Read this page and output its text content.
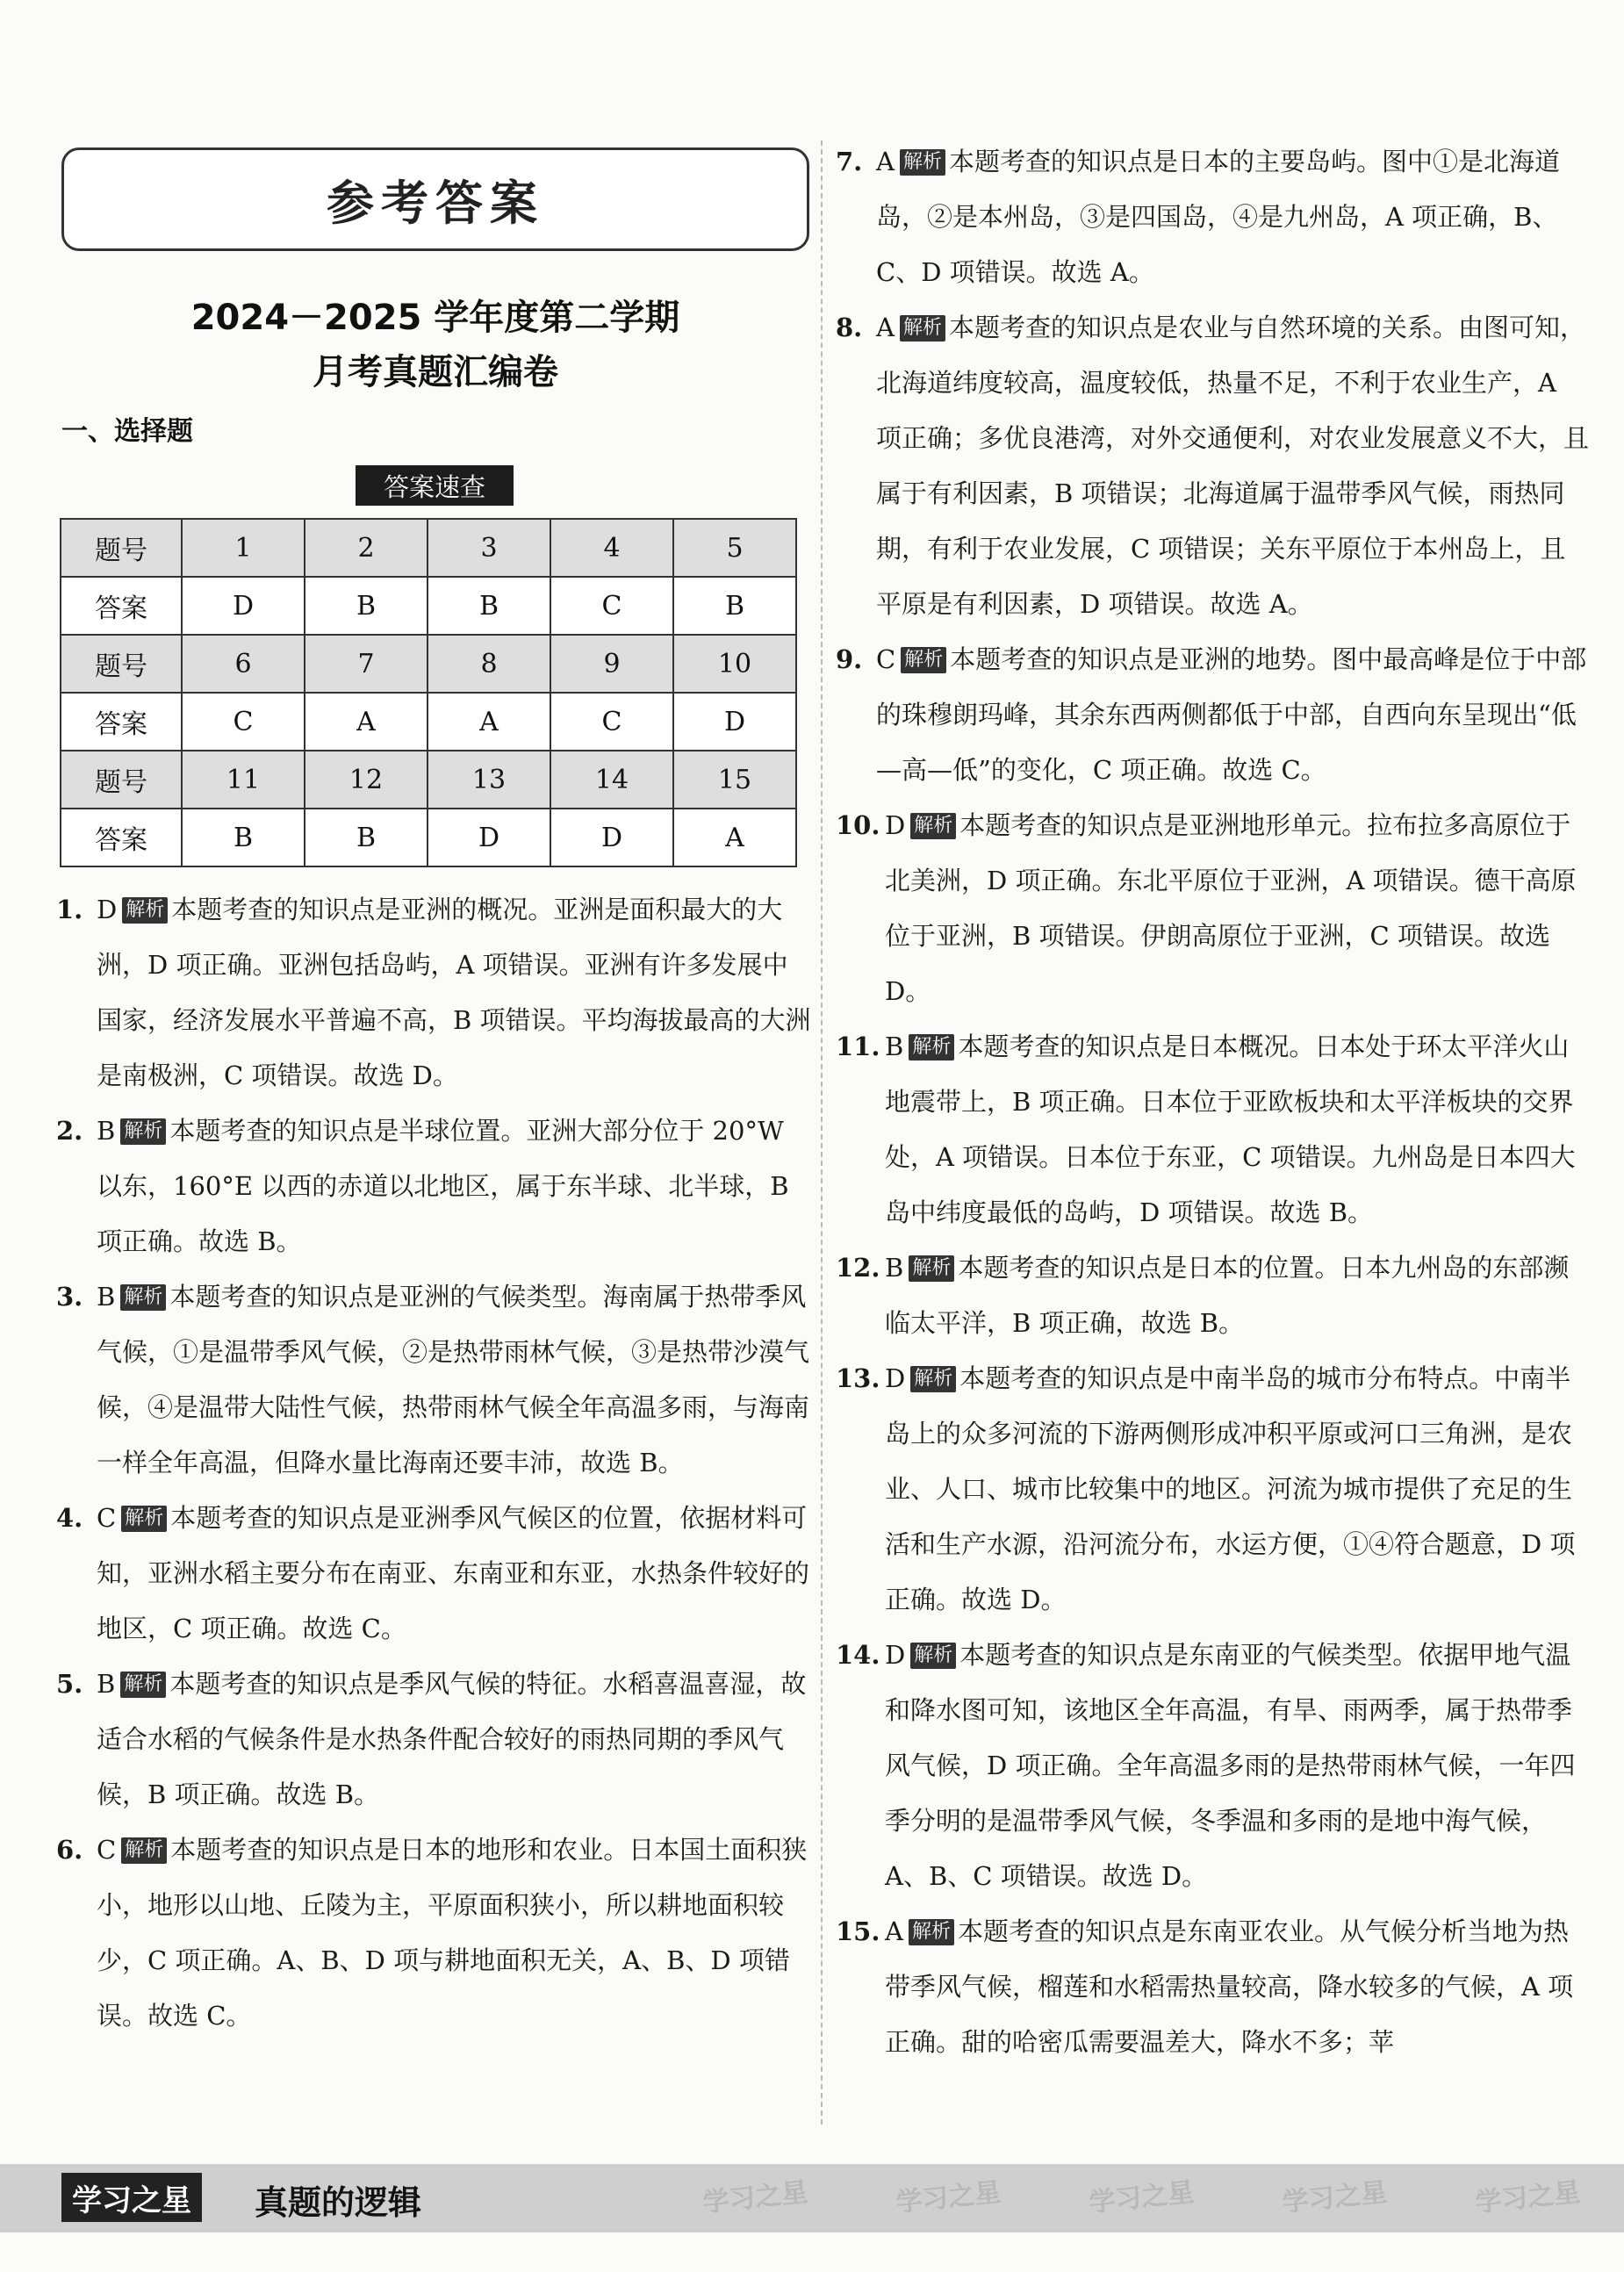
参考答案
2024－2025 学年度第二学期
月考真题汇编卷
一、选择题
答案速查
题号	1	2	3	4	5
答案	D	B	B	C	B
题号	6	7	8	9	10
答案	C	A	A	C	D
题号	11	12	13	14	15
答案	B	B	D	D	A
1. D 解析 本题考查的知识点是亚洲的概况。亚洲是面积最大的大洲，D 项正确。亚洲包括岛屿，A 项错误。亚洲有许多发展中国家，经济发展水平普遍不高，B 项错误。平均海拔最高的大洲是南极洲，C 项错误。故选 D。
2. B 解析 本题考查的知识点是半球位置。亚洲大部分位于 20°W 以东，160°E 以西的赤道以北地区，属于东半球、北半球，B 项正确。故选 B。
3. B 解析 本题考查的知识点是亚洲的气候类型。海南属于热带季风气候，①是温带季风气候，②是热带雨林气候，③是热带沙漠气候，④是温带大陆性气候，热带雨林气候全年高温多雨，与海南一样全年高温，但降水量比海南还要丰沛，故选 B。
4. C 解析 本题考查的知识点是亚洲季风气候区的位置，依据材料可知，亚洲水稻主要分布在南亚、东南亚和东亚，水热条件较好的地区，C 项正确。故选 C。
5. B 解析 本题考查的知识点是季风气候的特征。水稻喜温喜湿，故适合水稻的气候条件是水热条件配合较好的雨热同期的季风气候，B 项正确。故选 B。
6. C 解析 本题考查的知识点是日本的地形和农业。日本国土面积狭小，地形以山地、丘陵为主，平原面积狭小，所以耕地面积较少，C 项正确。A、B、D 项与耕地面积无关，A、B、D 项错误。故选 C。
7. A 解析 本题考查的知识点是日本的主要岛屿。图中①是北海道岛，②是本州岛，③是四国岛，④是九州岛，A 项正确，B、C、D 项错误。故选 A。
8. A 解析 本题考查的知识点是农业与自然环境的关系。由图可知，北海道纬度较高，温度较低，热量不足，不利于农业生产，A 项正确；多优良港湾，对外交通便利，对农业发展意义不大，且属于有利因素，B 项错误；北海道属于温带季风气候，雨热同期，有利于农业发展，C 项错误；关东平原位于本州岛上，且平原是有利因素，D 项错误。故选 A。
9. C 解析 本题考查的知识点是亚洲的地势。图中最高峰是位于中部的珠穆朗玛峰，其余东西两侧都低于中部，自西向东呈现出“低—高—低”的变化，C 项正确。故选 C。
10. D 解析 本题考查的知识点是亚洲地形单元。拉布拉多高原位于北美洲，D 项正确。东北平原位于亚洲，A 项错误。德干高原位于亚洲，B 项错误。伊朗高原位于亚洲，C 项错误。故选 D。
11. B 解析 本题考查的知识点是日本概况。日本处于环太平洋火山地震带上，B 项正确。日本位于亚欧板块和太平洋板块的交界处，A 项错误。日本位于东亚，C 项错误。九州岛是日本四大岛中纬度最低的岛屿，D 项错误。故选 B。
12. B 解析 本题考查的知识点是日本的位置。日本九州岛的东部濒临太平洋，B 项正确，故选 B。
13. D 解析 本题考查的知识点是中南半岛的城市分布特点。中南半岛上的众多河流的下游两侧形成冲积平原或河口三角洲，是农业、人口、城市比较集中的地区。河流为城市提供了充足的生活和生产水源，沿河流分布，水运方便，①④符合题意，D 项正确。故选 D。
14. D 解析 本题考查的知识点是东南亚的气候类型。依据甲地气温和降水图可知，该地区全年高温，有旱、雨两季，属于热带季风气候，D 项正确。全年高温多雨的是热带雨林气候，一年四季分明的是温带季风气候，冬季温和多雨的是地中海气候，A、B、C 项错误。故选 D。
15. A 解析 本题考查的知识点是东南亚农业。从气候分析当地为热带季风气候，榴莲和水稻需热量较高，降水较多的气候，A 项正确。甜的哈密瓜需要温差大，降水不多；苹
学习之星	真题的逻辑	学习之星	学习之星	学习之星	学习之星	学习之星
